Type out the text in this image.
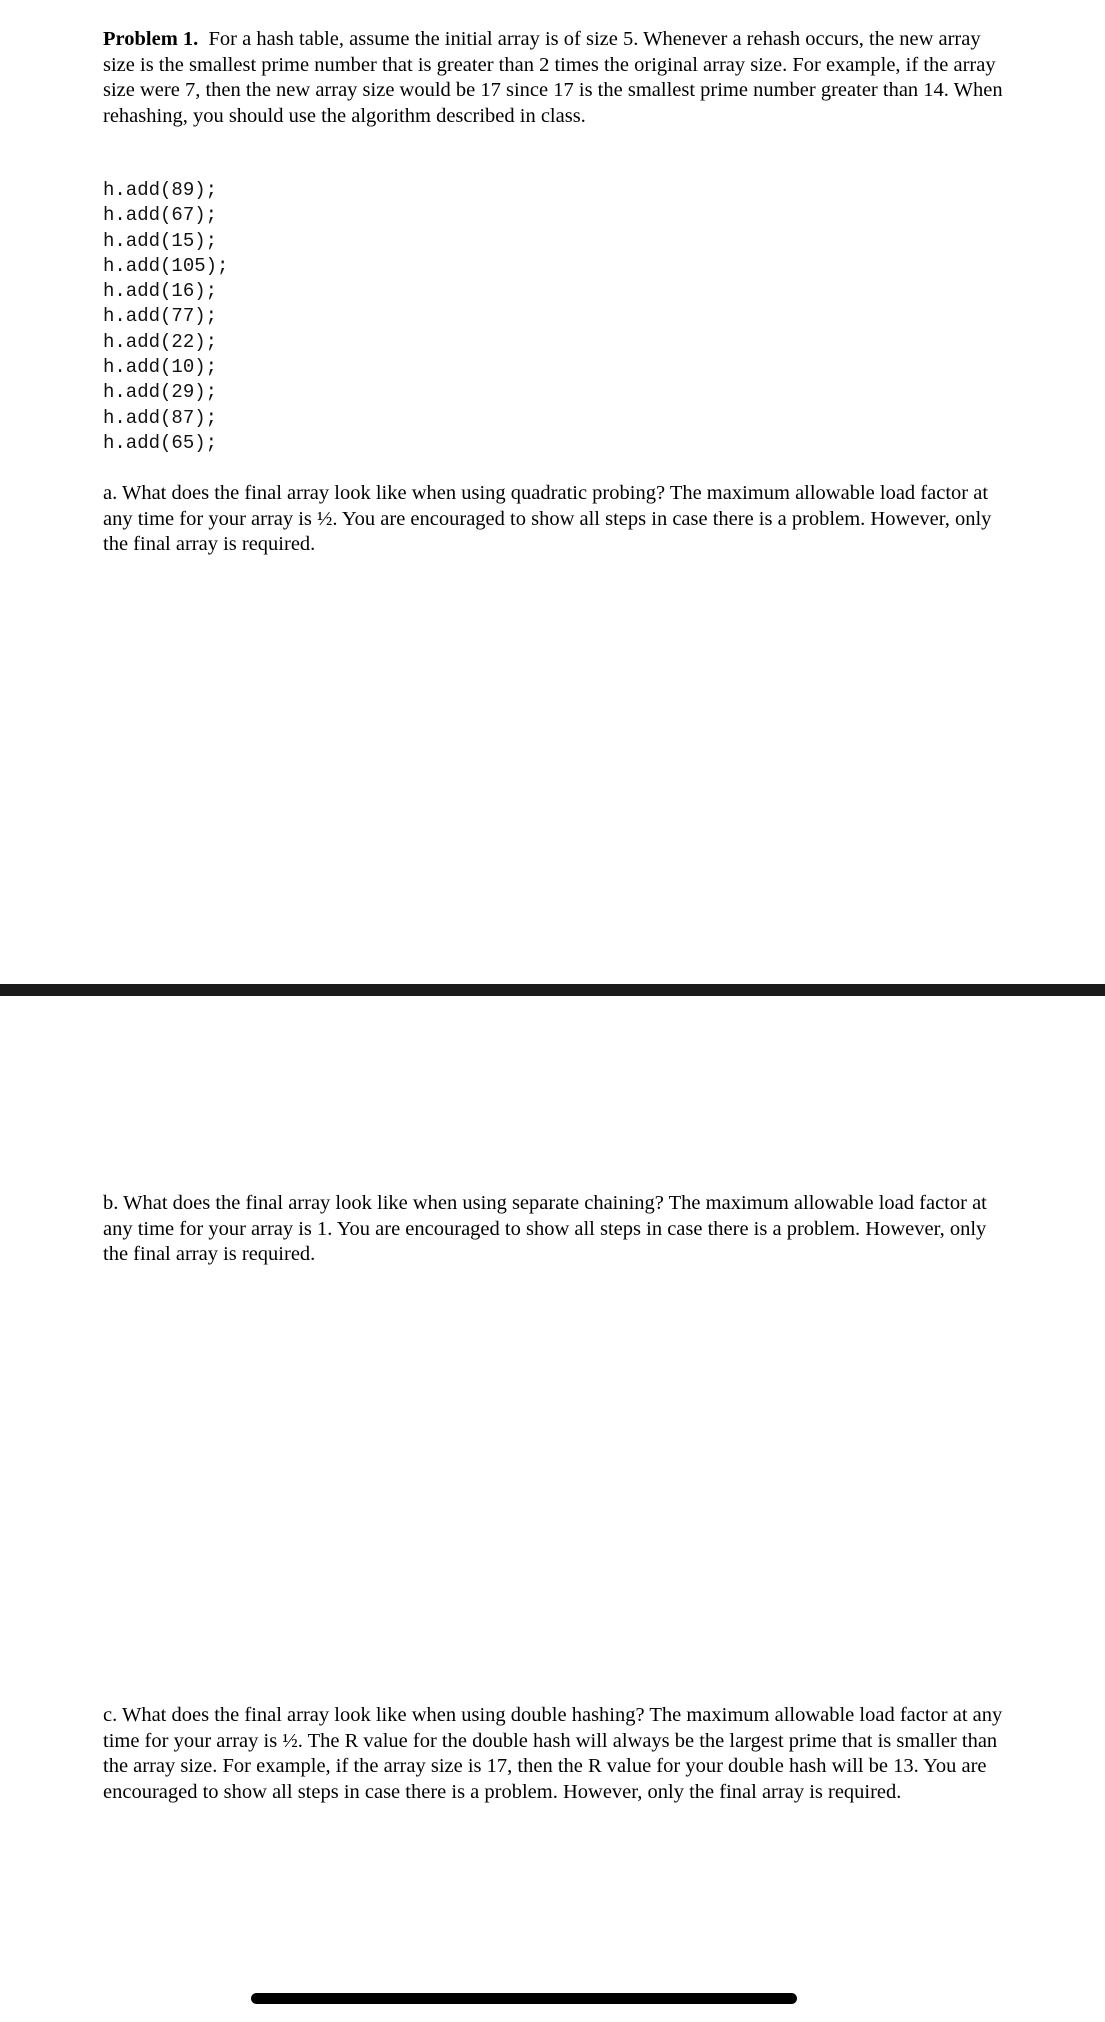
Problem 1. For a hash table, assume the initial array is of size 5. Whenever a rehash occurs, the new array size is the smallest prime number that is greater than 2 times the original array size. For example, if the array size were 7, then the new array size would be 17 since 17 is the smallest prime number greater than 14. When rehashing, you should use the algorithm described in class.

h.add(89);
h.add(67);
h.add(15);
h.add(105);
h.add(16);
h.add(77);
h.add(22);
h.add(10);
h.add(29);
h.add(87);
h.add(65);

a. What does the final array look like when using quadratic probing? The maximum allowable load factor at any time for your array is ½. You are encouraged to show all steps in case there is a problem. However, only the final array is required.

b. What does the final array look like when using separate chaining? The maximum allowable load factor at any time for your array is 1. You are encouraged to show all steps in case there is a problem. However, only the final array is required.

c. What does the final array look like when using double hashing? The maximum allowable load factor at any time for your array is ½. The R value for the double hash will always be the largest prime that is smaller than the array size. For example, if the array size is 17, then the R value for your double hash will be 13. You are encouraged to show all steps in case there is a problem. However, only the final array is required.
